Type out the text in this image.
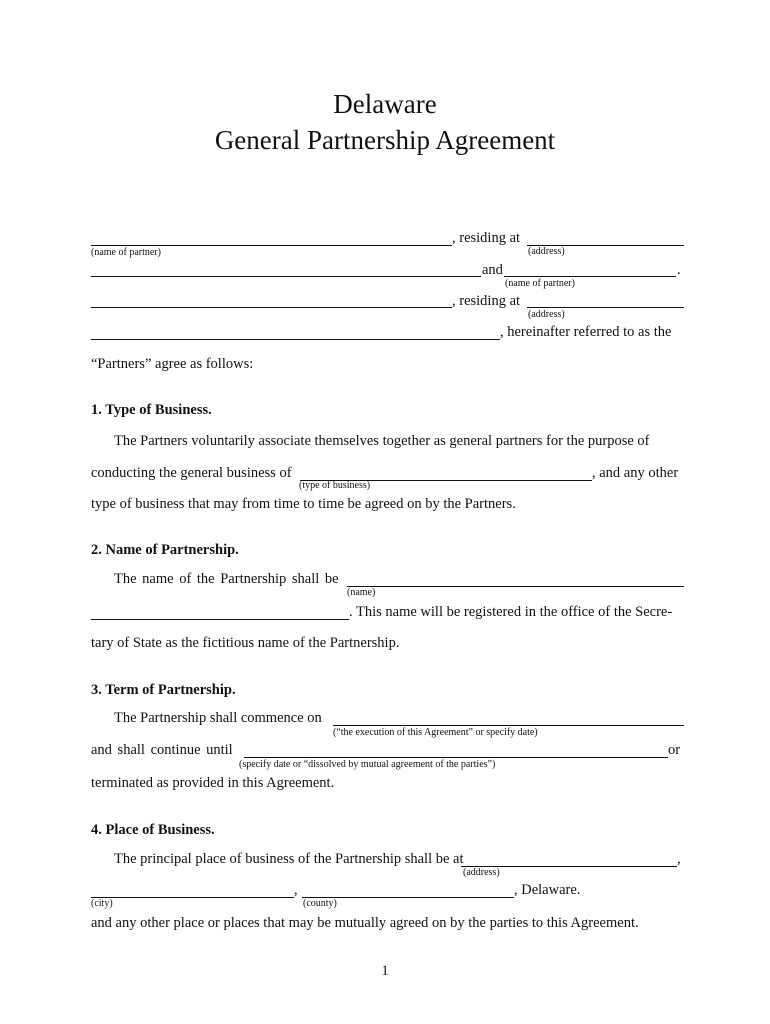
Delaware
General Partnership Agreement
, residing at
(address)
(name of partner)
and	.
(name of partner)
, residing at
(address)
, hereinafter referred to as the
“Partners” agree as follows:
1. Type of Business.
The Partners voluntarily associate themselves together as general partners for the purpose of
conducting the general business of	, and any other
(type of business)
type of business that may from time to time be agreed on by the Partners.
2. Name of Partnership.
The name of the Partnership shall be
(name)
. This name will be registered in the office of the Secre-
tary of State as the fictitious name of the Partnership.
3. Term of Partnership.
The Partnership shall commence on
(“the execution of this Agreement” or specify date)
and shall continue until	or
(specify date or “dissolved by mutual agreement of the parties”)
terminated as provided in this Agreement.
4. Place of Business.
The principal place of business of the Partnership shall be at	,
(address)
,	, Delaware.
(city)	(county)
and any other place or places that may be mutually agreed on by the parties to this Agreement.
1
